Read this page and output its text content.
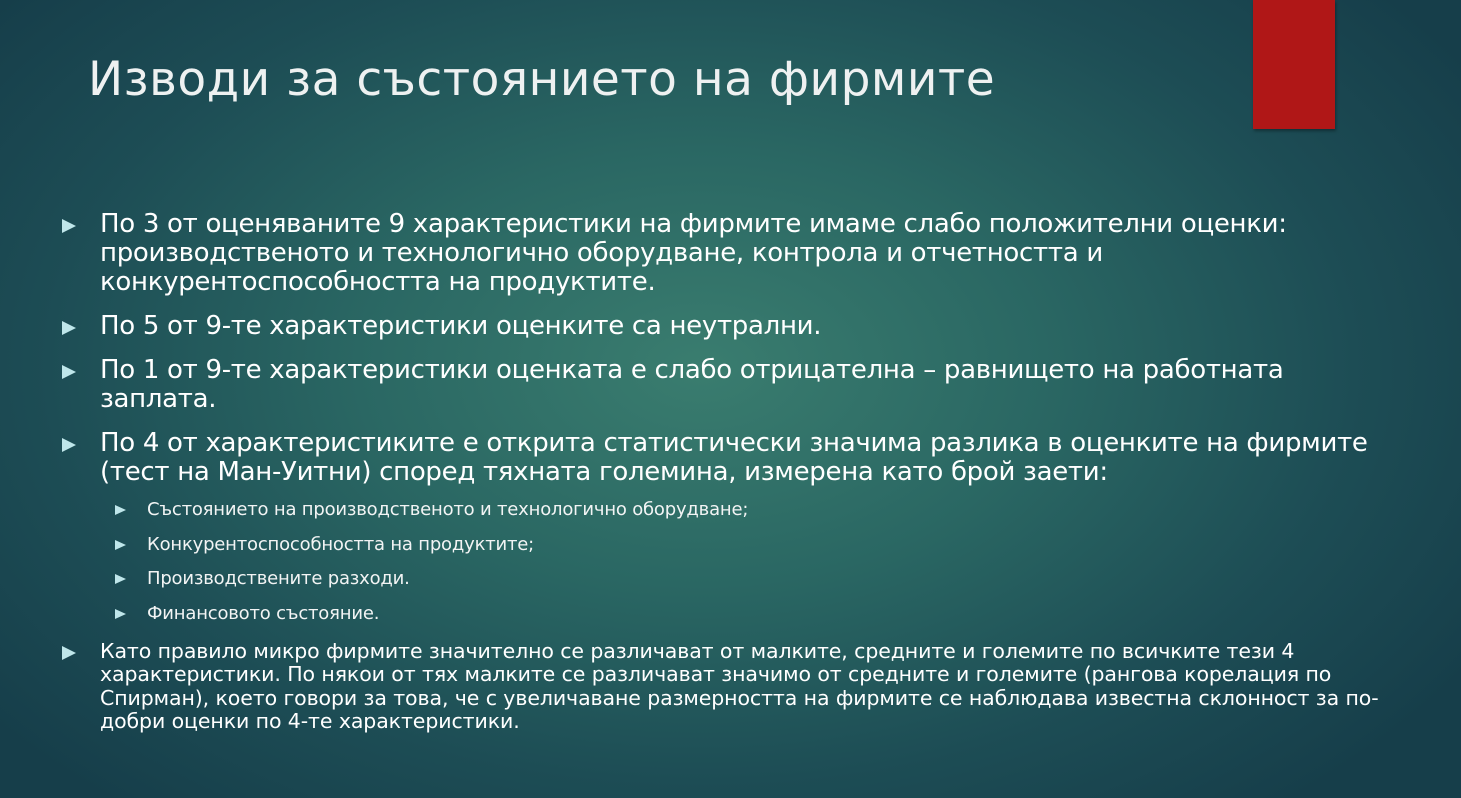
Изводи за състоянието на фирмите
По 3 от оценяваните 9 характеристики на фирмите имаме слабо положителни оценки: производственото и технологично оборудване, контрола и отчетността и конкурентоспособността на продуктите.
По 5 от 9-те характеристики оценките са неутрални.
По 1 от 9-те характеристики оценката е слабо отрицателна – равнището на работната заплата.
По 4 от характеристиките е открита статистически значима разлика в оценките на фирмите (тест на Ман-Уитни) според тяхната големина, измерена като брой заети:
Състоянието на производственото и технологично оборудване;
Конкурентоспособността на продуктите;
Производствените разходи.
Финансовото състояние.
Като правило микро фирмите значително се различават от малките, средните и големите по всичките тези 4 характеристики. По някои от тях малките се различават значимо от средните и големите (рангова корелация по Спирман), което говори за това, че с увеличаване размерността на фирмите се наблюдава известна склонност за по-добри оценки по 4-те характеристики.
